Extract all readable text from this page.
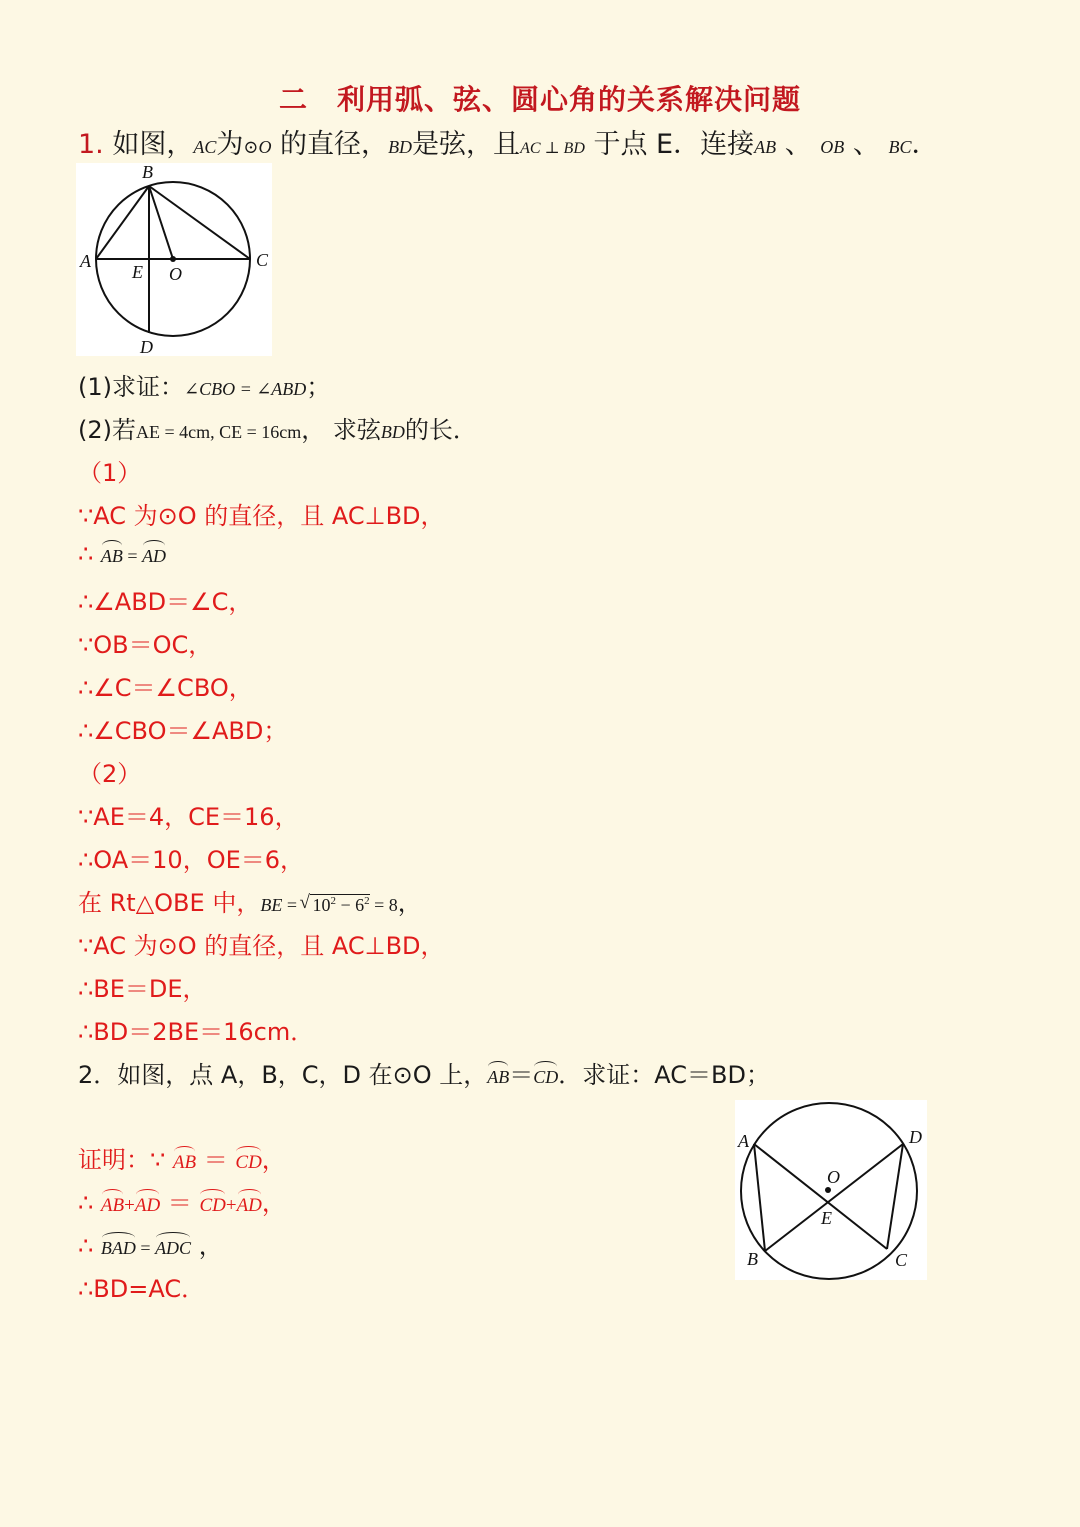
二　利用弧、弦、圆心角的关系解决问题
1. 如图，AC为⊙O 的直径，BD是弦，且AC ⊥ BD 于点 E．连接AB 、 OB 、 BC．
B
A	C
D
E O
(1)求证：∠CBO = ∠ABD；
(2)若AE = 4cm, CE = 16cm， 求弦BD的长．
（1）
∵AC 为⊙O 的直径，且 AC⊥BD，
∴ AB = AD
∴∠ABD＝∠C，
∵OB＝OC，
∴∠C＝∠CBO，
∴∠CBO＝∠ABD；
（2）
∵AE＝4，CE＝16，
∴OA＝10，OE＝6，
在 Rt△OBE 中，BE = √ $10^2 - 6^2 = 8$，
∵AC 为⊙O 的直径，且 AC⊥BD，
∴BE＝DE，
∴BD＝2BE＝16cm．
2．如图，点 A，B，C，D 在⊙O 上，AB＝CD．求证：AC＝BD；
A	D
O
E
B	C
证明：∵ AB ＝ CD，
∴ AB+AD ＝ CD+AD，
∴ BAD = ADC ，
∴BD=AC．
